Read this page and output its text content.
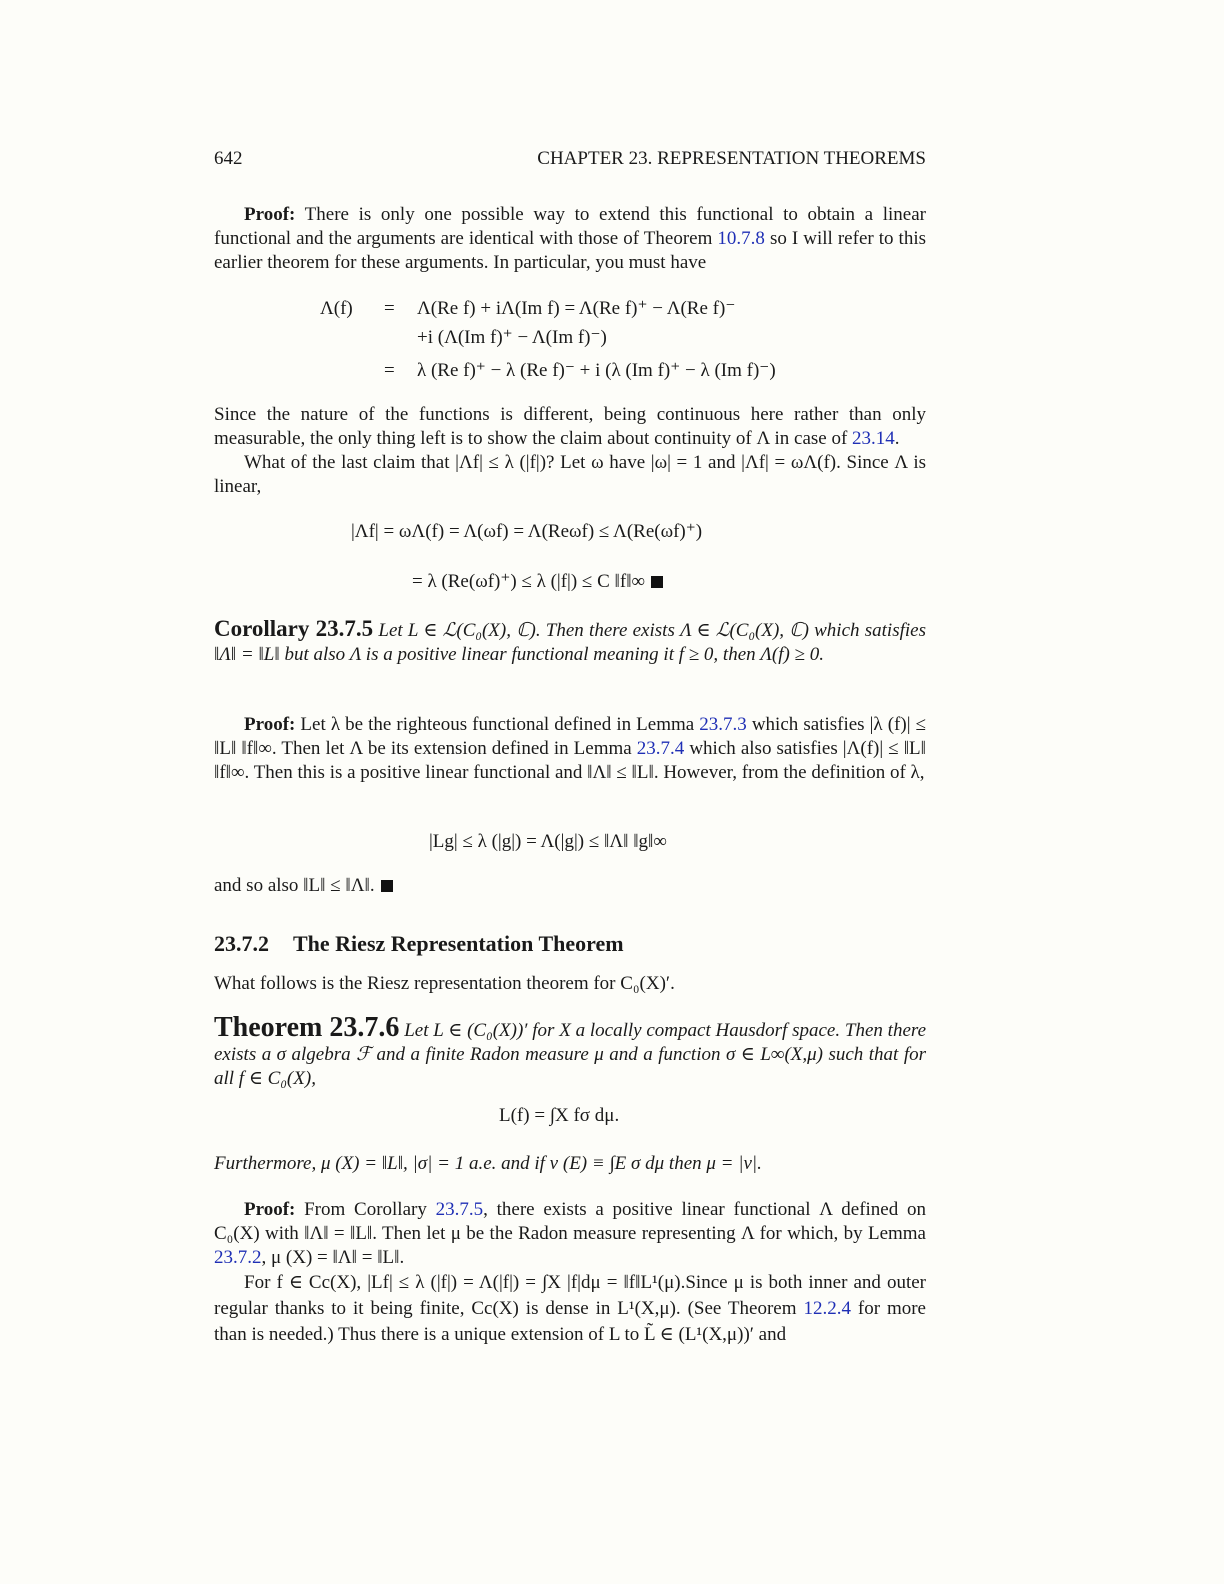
642	CHAPTER 23. REPRESENTATION THEOREMS
Proof: There is only one possible way to extend this functional to obtain a linear functional and the arguments are identical with those of Theorem 10.7.8 so I will refer to this earlier theorem for these arguments. In particular, you must have
Λ(f) = Λ(Re f) + iΛ(Im f) = Λ(Re f)⁺ − Λ(Re f)⁻
+i (Λ(Im f)⁺ − Λ(Im f)⁻)
= λ (Re f)⁺ − λ (Re f)⁻ + i (λ (Im f)⁺ − λ (Im f)⁻)
Since the nature of the functions is different, being continuous here rather than only measurable, the only thing left is to show the claim about continuity of Λ in case of 23.14.
What of the last claim that |Λf| ≤ λ (|f|)? Let ω have |ω| = 1 and |Λf| = ωΛ(f). Since Λ is linear,
|Λf| = ωΛ(f) = Λ(ωf) = Λ(Reωf) ≤ Λ(Re(ωf)⁺)
= λ (Re(ωf)⁺) ≤ λ (|f|) ≤ C ‖f‖∞
Corollary 23.7.5 Let L ∈ ℒ(C₀(X), ℂ). Then there exists Λ ∈ ℒ(C₀(X), ℂ) which satisfies ‖Λ‖ = ‖L‖ but also Λ is a positive linear functional meaning it f ≥ 0, then Λ(f) ≥ 0.
Proof: Let λ be the righteous functional defined in Lemma 23.7.3 which satisfies |λ (f)| ≤ ‖L‖ ‖f‖∞. Then let Λ be its extension defined in Lemma 23.7.4 which also satisfies |Λ(f)| ≤ ‖L‖ ‖f‖∞. Then this is a positive linear functional and ‖Λ‖ ≤ ‖L‖. However, from the definition of λ,
|Lg| ≤ λ (|g|) = Λ(|g|) ≤ ‖Λ‖ ‖g‖∞
and so also ‖L‖ ≤ ‖Λ‖.
23.7.2 The Riesz Representation Theorem
What follows is the Riesz representation theorem for C₀(X)′.
Theorem 23.7.6 Let L ∈ (C₀(X))′ for X a locally compact Hausdorf space. Then there exists a σ algebra ℱ and a finite Radon measure μ and a function σ ∈ L∞(X,μ) such that for all f ∈ C₀(X),
L(f) = ∫X fσ dμ.
Furthermore, μ (X) = ‖L‖, |σ| = 1 a.e. and if ν (E) ≡ ∫E σ dμ then μ = |ν|.
Proof: From Corollary 23.7.5, there exists a positive linear functional Λ defined on C₀(X) with ‖Λ‖ = ‖L‖. Then let μ be the Radon measure representing Λ for which, by Lemma 23.7.2, μ (X) = ‖Λ‖ = ‖L‖.
For f ∈ Cc(X), |Lf| ≤ λ (|f|) = Λ(|f|) = ∫X |f|dμ = ‖f‖L¹(μ).Since μ is both inner and outer regular thanks to it being finite, Cc(X) is dense in L¹(X,μ). (See Theorem 12.2.4 for more than is needed.) Thus there is a unique extension of L to L̃ ∈ (L¹(X,μ))′ and
